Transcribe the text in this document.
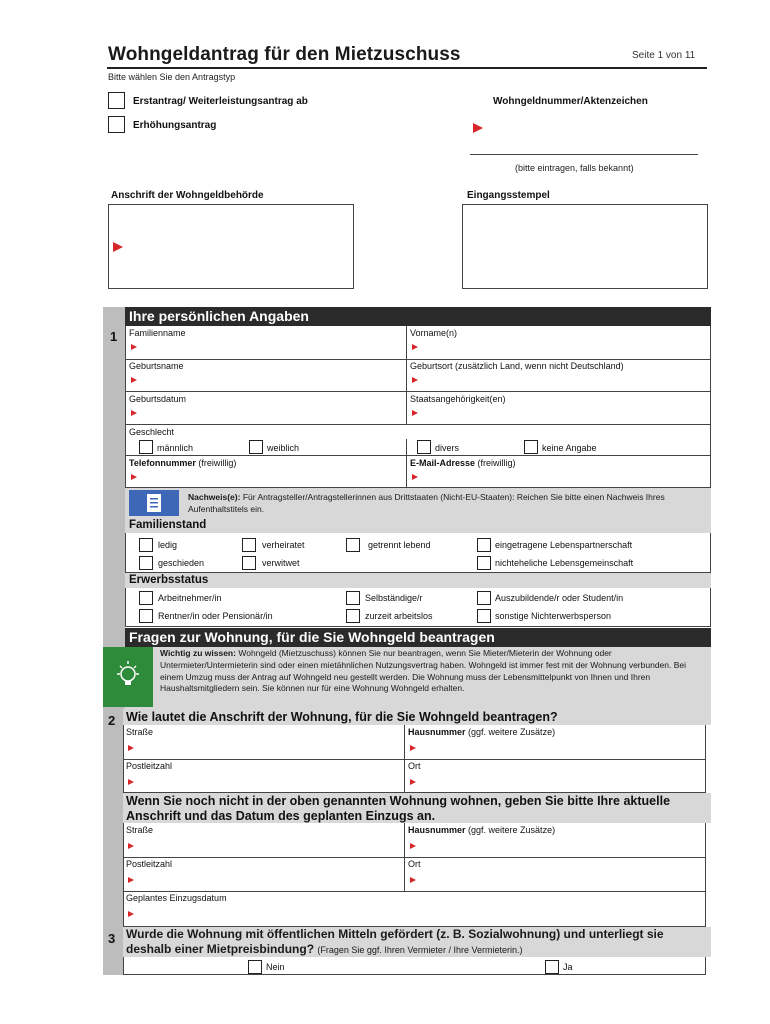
Wohngeldantrag für den Mietzuschuss	Seite 1 von 11
Bitte wählen Sie den Antragstyp
Erstantrag/ Weiterleistungsantrag ab
Erhöhungsantrag
Wohngeldnummer/Aktenzeichen
(bitte eintragen, falls bekannt)
Anschrift der Wohngeldbehörde	Eingangsstempel
Ihre persönlichen Angaben
1 Familienname	Vorname(n)
Geburtsname	Geburtsort (zusätzlich Land, wenn nicht Deutschland)
Geburtsdatum	Staatsangehörigkeit(en)
Geschlecht
männlich	weiblich	divers	keine Angabe
Telefonnummer (freiwillig)	E-Mail-Adresse (freiwillig)
Nachweis(e): Für Antragsteller/Antragstellerinnen aus Drittstaaten (Nicht-EU-Staaten): Reichen Sie bitte einen Nachweis Ihres Aufenthaltstitels ein.
Familienstand
ledig	verheiratet	getrennt lebend	eingetragene Lebenspartnerschaft
geschieden	verwitwet	nichteheliche Lebensgemeinschaft
Erwerbsstatus
Arbeitnehmer/in	Selbständige/r	Auszubildende/r oder Student/in
Rentner/in oder Pensionär/in	zurzeit arbeitslos	sonstige Nichterwerbsperson
Fragen zur Wohnung, für die Sie Wohngeld beantragen
Wichtig zu wissen: Wohngeld (Mietzuschuss) können Sie nur beantragen, wenn Sie Mieter/Mieterin der Wohnung oder Untermieter/Untermieterin sind oder einen mietähnlichen Nutzungsvertrag haben. Wohngeld ist immer fest mit der Wohnung verbunden. Bei einem Umzug muss der Antrag auf Wohngeld neu gestellt werden. Die Wohnung muss der Lebensmittelpunkt von Ihnen und Ihren Haushaltsmitgliedern sein. Sie können nur für eine Wohnung Wohngeld erhalten.
2 Wie lautet die Anschrift der Wohnung, für die Sie Wohngeld beantragen?
Straße	Hausnummer (ggf. weitere Zusätze)
Postleitzahl	Ort
Wenn Sie noch nicht in der oben genannten Wohnung wohnen, geben Sie bitte Ihre aktuelle Anschrift und das Datum des geplanten Einzugs an.
Straße	Hausnummer (ggf. weitere Zusätze)
Postleitzahl	Ort
Geplantes Einzugsdatum
3 Wurde die Wohnung mit öffentlichen Mitteln gefördert (z. B. Sozialwohnung) und unterliegt sie deshalb einer Mietpreisbindung? (Fragen Sie ggf. Ihren Vermieter / Ihre Vermieterin.)
Nein	Ja
